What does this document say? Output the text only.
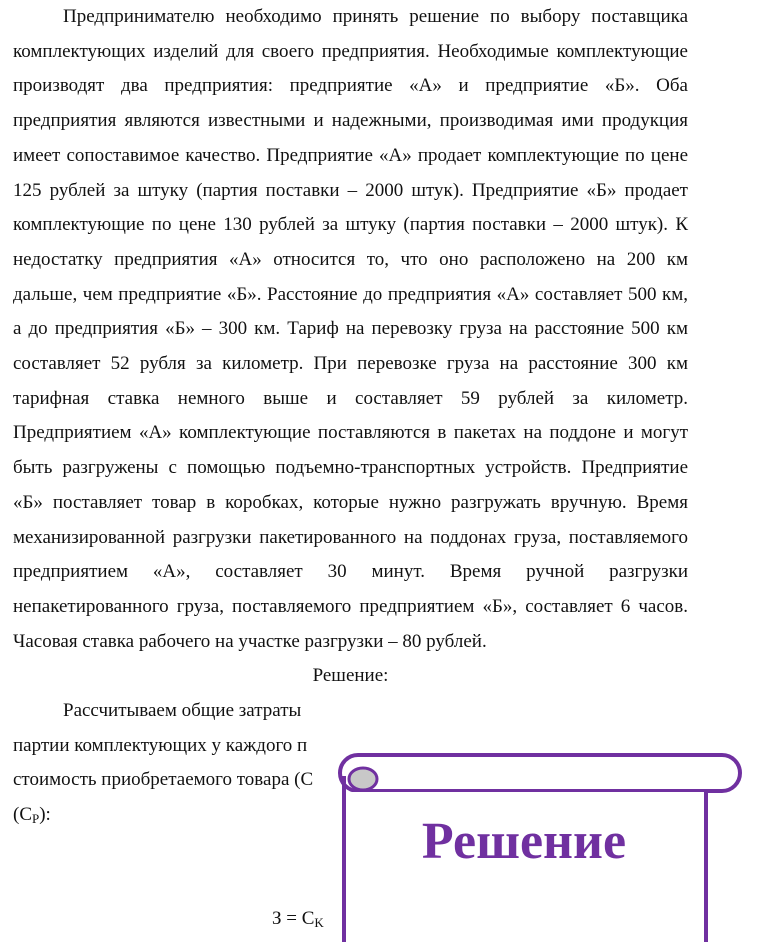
Предпринимателю необходимо принять решение по выбору поставщика комплектующих изделий для своего предприятия. Необходимые комплектующие производят два предприятия: предприятие «А» и предприятие «Б». Оба предприятия являются известными и надежными, производимая ими продукция имеет сопоставимое качество. Предприятие «А» продает комплектующие по цене 125 рублей за штуку (партия поставки – 2000 штук). Предприятие «Б» продает комплектующие по цене 130 рублей за штуку (партия поставки – 2000 штук). К недостатку предприятия «А» относится то, что оно расположено на 200 км дальше, чем предприятие «Б». Расстояние до предприятия «А» составляет 500 км, а до предприятия «Б» – 300 км. Тариф на перевозку груза на расстояние 500 км составляет 52 рубля за километр. При перевозке груза на расстояние 300 км тарифная ставка немного выше и составляет 59 рублей за километр. Предприятием «А» комплектующие поставляются в пакетах на поддоне и могут быть разгружены с помощью подъемно-транспортных устройств. Предприятие «Б» поставляет товар в коробках, которые нужно разгружать вручную. Время механизированной разгрузки пакетированного на поддонах груза, поставляемого предприятием «А», составляет 30 минут. Время ручной разгрузки непакетированного груза, поставляемого предприятием «Б», составляет 6 часов. Часовая ставка рабочего на участке разгрузки – 80 рублей.

Решение:

Рассчитываем общие затраты

партии комплектующих у каждого п

стоимость приобретаемого товара (C

$(C_P)$:

$З = C_K$
Решение
